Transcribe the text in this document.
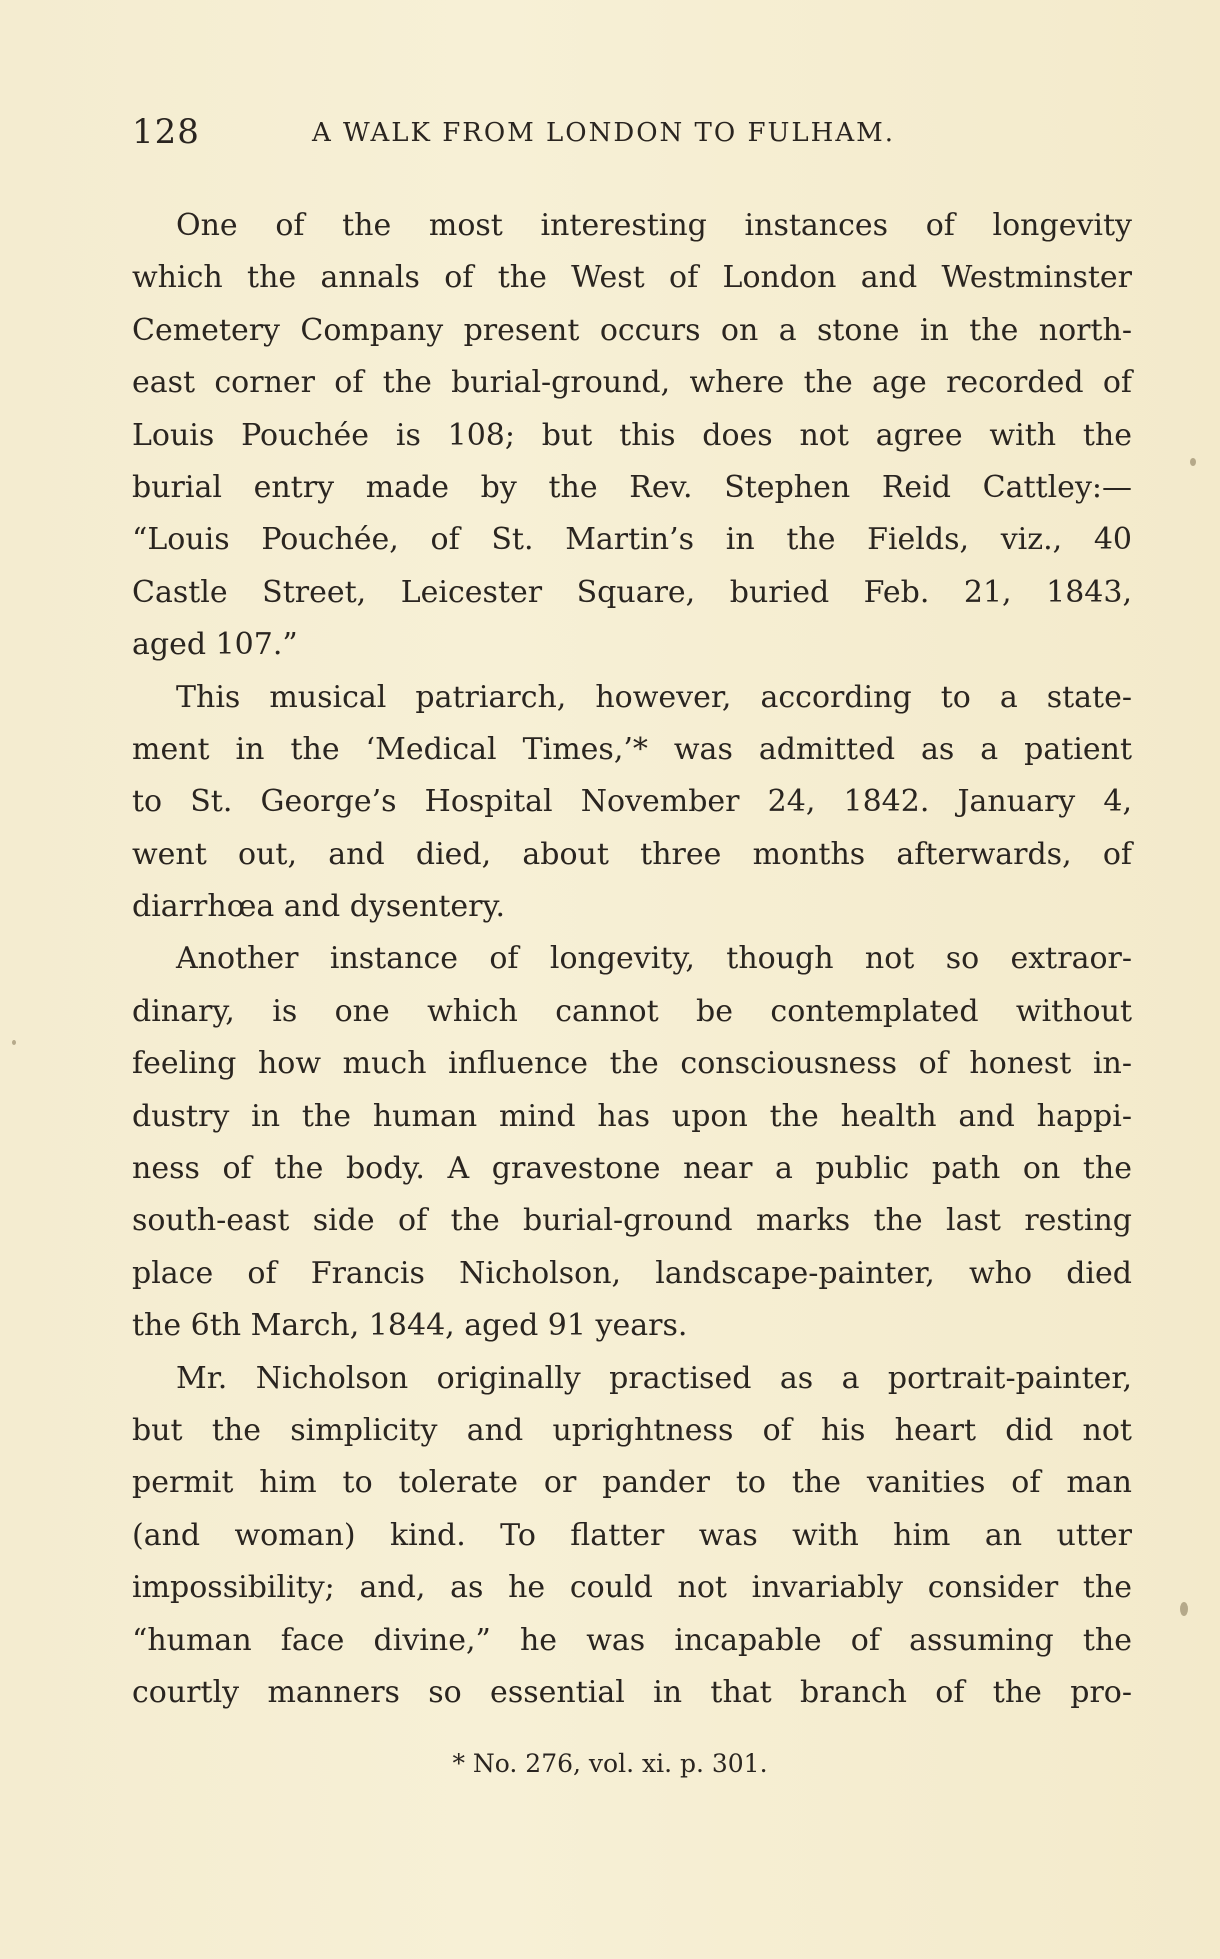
128	A WALK FROM LONDON TO FULHAM.
One of the most interesting instances of longevity
which the annals of the West of London and Westminster
Cemetery Company present occurs on a stone in the north-
east corner of the burial-ground, where the age recorded of
Louis Pouchée is 108; but this does not agree with the
burial entry made by the Rev. Stephen Reid Cattley:—
“Louis Pouchée, of St. Martin’s in the Fields, viz., 40
Castle Street, Leicester Square, buried Feb. 21, 1843,
aged 107.”
This musical patriarch, however, according to a state-
ment in the ‘Medical Times,’* was admitted as a patient
to St. George’s Hospital November 24, 1842. January 4,
went out, and died, about three months afterwards, of
diarrhœa and dysentery.
Another instance of longevity, though not so extraor-
dinary, is one which cannot be contemplated without
feeling how much influence the consciousness of honest in-
dustry in the human mind has upon the health and happi-
ness of the body. A gravestone near a public path on the
south-east side of the burial-ground marks the last resting
place of Francis Nicholson, landscape-painter, who died
the 6th March, 1844, aged 91 years.
Mr. Nicholson originally practised as a portrait-painter,
but the simplicity and uprightness of his heart did not
permit him to tolerate or pander to the vanities of man
(and woman) kind. To flatter was with him an utter
impossibility; and, as he could not invariably consider the
“human face divine,” he was incapable of assuming the
courtly manners so essential in that branch of the pro-
* No. 276, vol. xi. p. 301.
